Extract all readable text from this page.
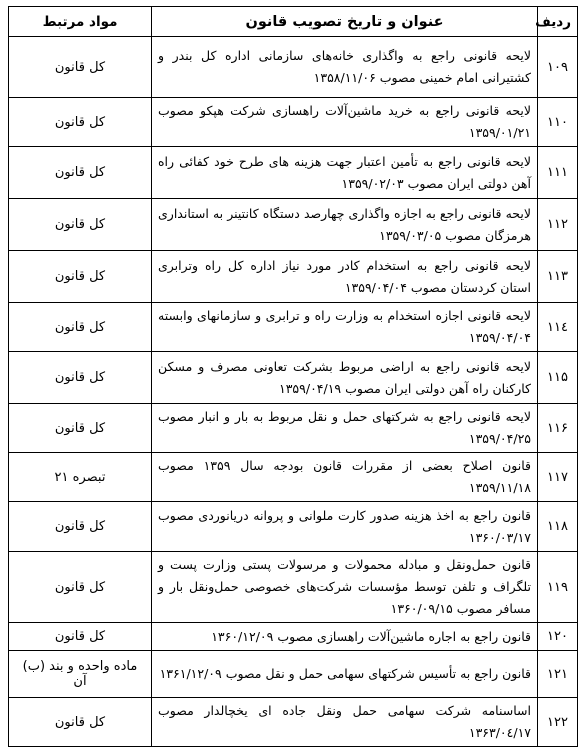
ردیف	عنوان و تاریخ تصویب قانون	مواد مرتبط
۱۰۹	لایحه قانونی راجع به واگذاری خانه‌های سازمانی اداره کل بندر و کشتیرانی امام خمینی مصوب ۱۳۵۸/۱۱/۰۶	کل قانون
۱۱۰	لایحه قانونی راجع به خرید ماشین‌آلات راهسازی شرکت هپکو مصوب ۱۳۵۹/۰۱/۲۱	کل قانون
۱۱۱	لایحه قانونی راجع به تأمین اعتبار جهت هزینه های طرح خود کفائی راه آهن دولتی ایران مصوب ۱۳۵۹/۰۲/۰۳	کل قانون
۱۱۲	لایحه قانونی راجع به اجازه واگذاری چهارصد دستگاه کانتینر به استانداری هرمزگان مصوب ۱۳۵۹/۰۳/۰۵	کل قانون
۱۱۳	لایحه قانونی راجع به استخدام کادر مورد نیاز اداره کل راه وترابری استان کردستان مصوب ۱۳۵۹/۰۴/۰۴	کل قانون
۱۱٤	لایحه قانونی اجازه استخدام به وزارت راه و ترابری و سازمانهای وابسته ۱۳۵۹/۰۴/۰۴	کل قانون
۱۱۵	لایحه قانونی راجع به اراضی مربوط بشرکت تعاونی مصرف و مسکن کارکنان راه آهن دولتی ایران مصوب ۱۳۵۹/۰۴/۱۹	کل قانون
۱۱۶	لایحه قانونی راجع به شرکتهای حمل و نقل مربوط به بار و انبار مصوب ۱۳۵۹/۰۴/۲۵	کل قانون
۱۱۷	قانون اصلاح بعضی از مقررات قانون بودجه سال ۱۳۵۹ مصوب ۱۳۵۹/۱۱/۱۸	تبصره ۲۱
۱۱۸	قانون راجع به اخذ هزینه صدور کارت ملوانی و پروانه دریانوردی مصوب ۱۳۶۰/۰۳/۱۷	کل قانون
۱۱۹	قانون حمل‌ونقل و مبادله محمولات و مرسولات پستی وزارت پست و تلگراف و تلفن توسط مؤسسات شرکت‌های خصوصی حمل‌ونقل بار و مسافر مصوب ۱۳۶۰/۰۹/۱۵	کل قانون
۱۲۰	قانون راجع به اجاره ماشین‌آلات راهسازی مصوب ۱۳۶۰/۱۲/۰۹	کل قانون
۱۲۱	قانون راجع به تأسیس شرکتهای سهامی حمل و نقل مصوب ۱۳۶۱/۱۲/۰۹	ماده واحده و بند (ب) آن
۱۲۲	اساسنامه شرکت سهامی حمل ونقل جاده ای یخچالدار مصوب ۱۳۶۳/۰٤/۱۷	کل قانون
